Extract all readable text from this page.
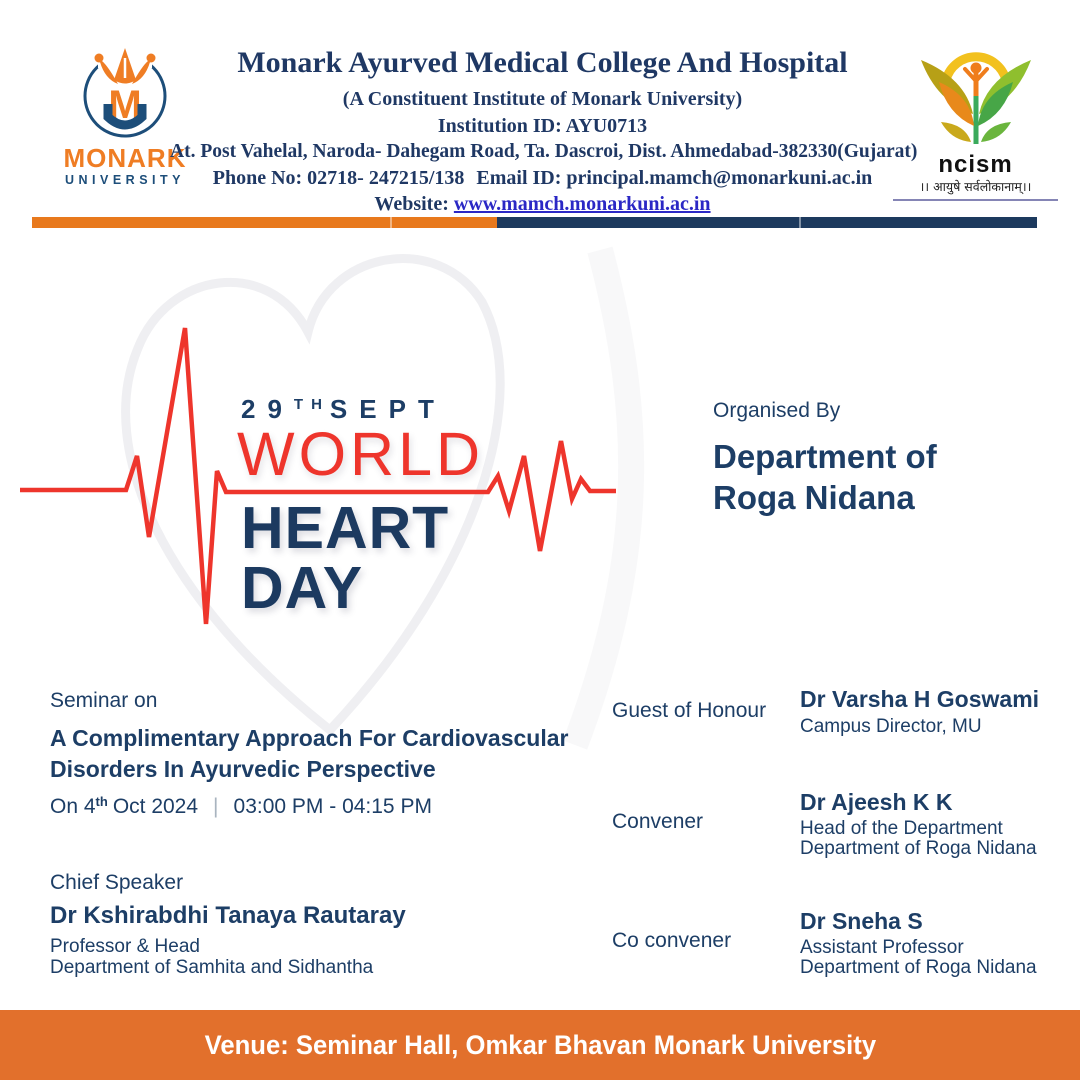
M
MONARK
UNIVERSITY
Monark Ayurved Medical College And Hospital
(A Constituent Institute of Monark University)
Institution ID: AYU0713
At. Post Vahelal, Naroda- Dahegam Road, Ta. Dascroi, Dist. Ahmedabad-382330(Gujarat)
Phone No: 02718- 247215/138 Email ID: principal.mamch@monarkuni.ac.in
Website: www.mamch.monarkuni.ac.in
ncism
।। आयुषे सर्वलोकानाम्।।
29THSEPT
WORLD
HEART
DAY
Organised By
Department of
Roga Nidana
Seminar on
A Complimentary Approach For Cardiovascular
Disorders In Ayurvedic Perspective
On 4th Oct 2024 | 03:00 PM - 04:15 PM
Chief Speaker
Dr Kshirabdhi Tanaya Rautaray
Professor & Head
Department of Samhita and Sidhantha
Guest of Honour Dr Varsha H Goswami
Campus Director, MU
Convener
Dr Ajeesh K K
Head of the Department
Department of Roga Nidana
Co convener
Dr Sneha S
Assistant Professor
Department of Roga Nidana
Venue: Seminar Hall, Omkar Bhavan Monark University
